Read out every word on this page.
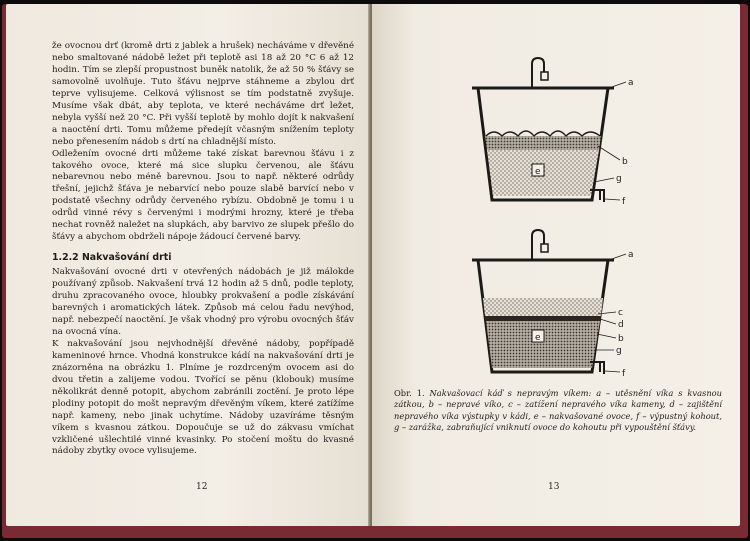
že ovocnou drť (kromě drti z jablek a hrušek) necháváme v dřevěné nebo smaltované nádobě ležet při teplotě asi 18 až 20 °C 6 až 12 hodin. Tím se zlepší propustnost buněk natolik, že až 50 % šťávy se samovolně uvolňuje. Tuto šťávu nejprve stáhneme a zbylou drť teprve vylisujeme. Celková výlisnost se tím podstatně zvyšuje. Musíme však dbát, aby teplota, ve které necháváme drť ležet, nebyla vyšší než 20 °C. Při vyšší teplotě by mohlo dojít k nakvašení a naoctění drti. Tomu můžeme předejít včasným snížením teploty nebo přenesením nádob s drtí na chladnější místo.

Odležením ovocné drti můžeme také získat barevnou šťávu i z takového ovoce, které má sice slupku červenou, ale šťávu nebarevnou nebo méně barevnou. Jsou to např. některé odrůdy třešní, jejichž šťáva je nebarvící nebo pouze slabě barvící nebo v podstatě všechny odrůdy červeného rybízu. Obdobně je tomu i u odrůd vinné révy s červenými i modrými hrozny, které je třeba nechat rovněž naležet na slupkách, aby barvivo ze slupek přešlo do šťávy a abychom obdrželi nápoje žádoucí červené barvy.

1.2.2 Nakvašování drti

Nakvašování ovocné drti v otevřených nádobách je již málokde používaný způsob. Nakvašení trvá 12 hodin až 5 dnů, podle teploty, druhu zpracovaného ovoce, hloubky prokvašení a podle získávání barevných i aromatických látek. Způsob má celou řadu nevýhod, např. nebezpečí naoctění. Je však vhodný pro výrobu ovocných šťáv na ovocná vína.

K nakvašování jsou nejvhodnější dřevěné nádoby, popřípadě kameninové hrnce. Vhodná konstrukce kádí na nakvašování drti je znázorněna na obrázku 1. Plníme je rozdrceným ovocem asi do dvou třetin a zalijeme vodou. Tvořící se pěnu (klobouk) musíme několikrát denně potopit, abychom zabránili zoctění. Je proto lépe plodiny potopit do mošt nepravým dřevěným víkem, které zatížíme např. kameny, nebo jinak uchytíme. Nádoby uzavíráme těsným víkem s kvasnou zátkou. Dopoučuje se už do zákvasu vmíchat vzkličené ušlechtilé vinné kvasinky. Po stočení moštu do kvasné nádoby zbytky ovoce vylisujeme.

12
e
a
b
g
f
e
a
c
d
b
g
f
Obr. 1. Nakvašovací káď s nepravým víkem: a – utěsnění víka s kvasnou zátkou, b – nepravé víko, c – zatížení nepravého víka kameny, d – zajištění nepravého víka výstupky v kádi, e – nakvašované ovoce, f – výpustný kohout, g – zarážka, zabraňující vniknutí ovoce do kohoutu při vypouštění šťávy.
13
